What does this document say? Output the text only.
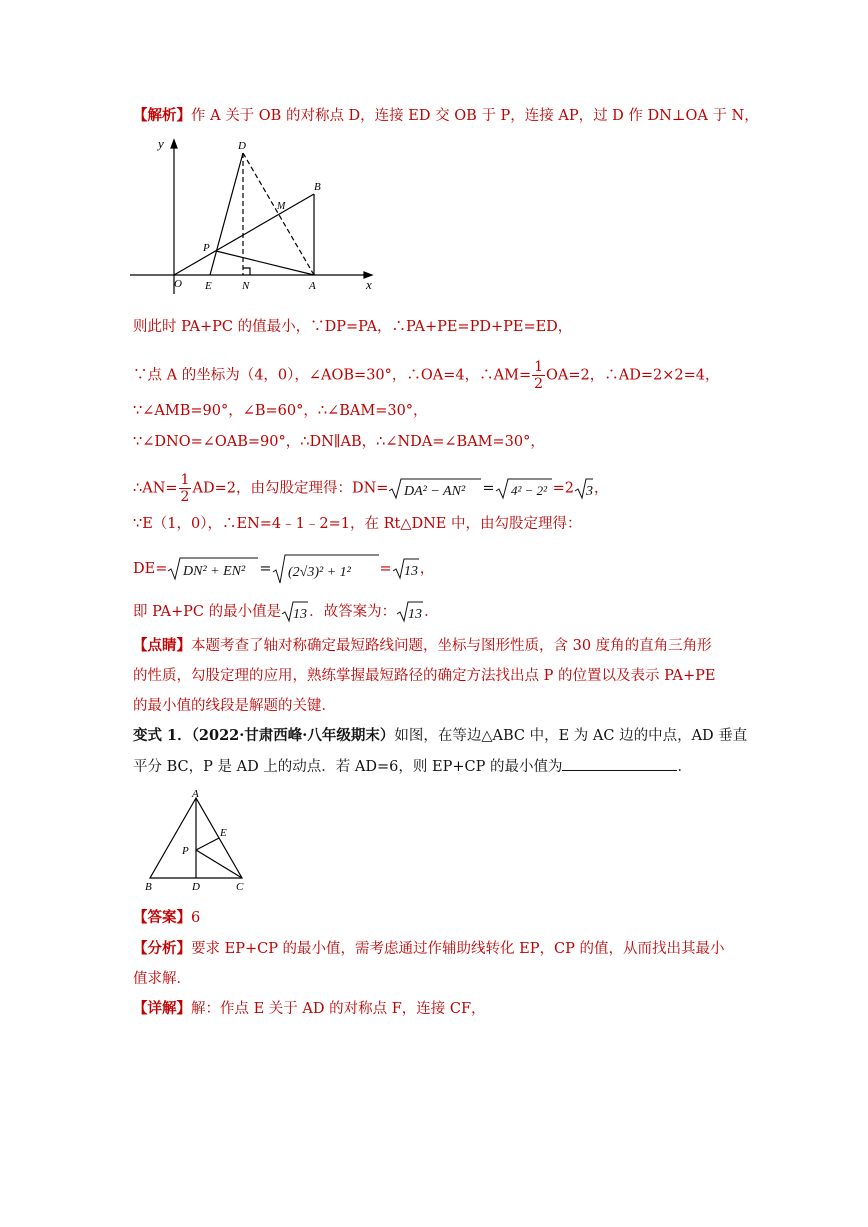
【解析】作 A 关于 OB 的对称点 D，连接 ED 交 OB 于 P，连接 AP，过 D 作 DN⊥OA 于 N，
y
x
O E	N	A
B
D
M
P
则此时 PA+PC 的值最小，∵DP=PA，∴PA+PE=PD+PE=ED，
∵点 A 的坐标为（4，0），∠AOB=30°，∴OA=4，∴AM= $\frac{1}{2} OA=2$，∴AD=2×2=4，
∵∠AMB=90°，∠B=60°，∴∠BAM=30°，
∵∠DNO=∠OAB=90°，∴DN∥AB，∴∠NDA=∠BAM=30°，
∴AN= $\frac{1}{2} AD=2$，由勾股定理得：DN= DA² − AN² = 4² − 2² =2 3 ，
∵E（1，0），∴EN=4﹣1﹣2=1，在 Rt△DNE 中，由勾股定理得：
DE= DN² + EN² = (2√3)² + 1² = 13 ，
即 PA+PC 的最小值是 13 ．故答案为： 13 ．
【点睛】本题考查了轴对称确定最短路线问题，坐标与图形性质，含 30 度角的直角三角形
的性质，勾股定理的应用，熟练掌握最短路径的确定方法找出点 P 的位置以及表示 PA+PE
的最小值的线段是解题的关键．
变式 1．（2022·甘肃西峰·八年级期末）如图，在等边△ABC 中，E 为 AC 边的中点，AD 垂直
平分 BC，P 是 AD 上的动点．若 AD=6，则 EP+CP 的最小值为	．
A
B	D	C
E
P
【答案】6
【分析】要求 EP+CP 的最小值，需考虑通过作辅助线转化 EP，CP 的值，从而找出其最小
值求解．
【详解】解：作点 E 关于 AD 的对称点 F，连接 CF，
